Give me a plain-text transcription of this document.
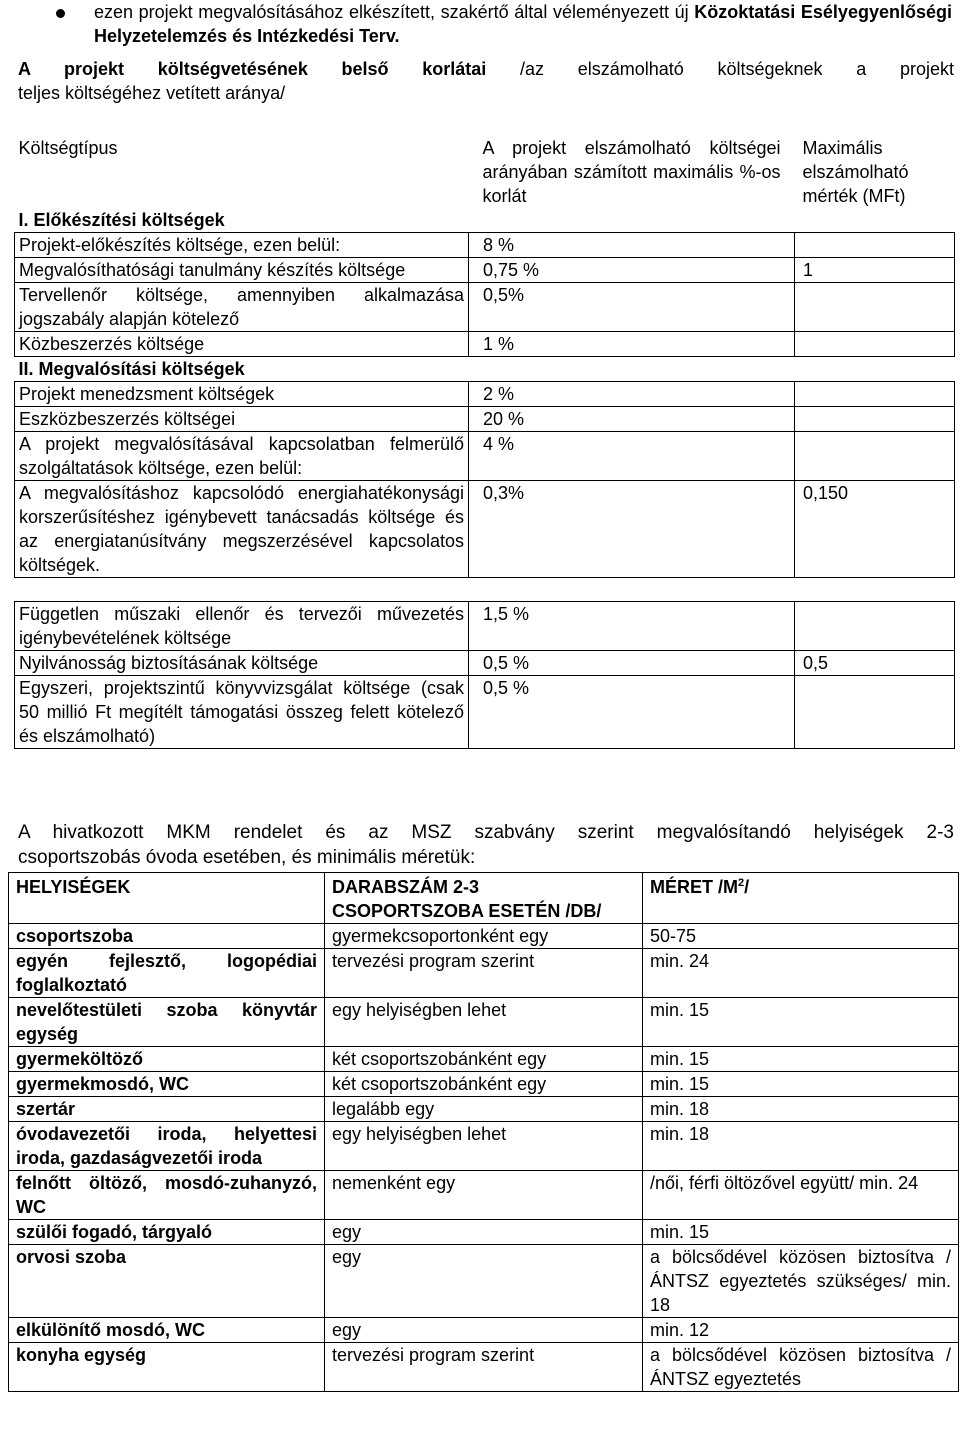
ezen projekt megvalósításához elkészített, szakértő által véleményezett új Közoktatási Esélyegyenlőségi Helyzetelemzés és Intézkedési Terv.
A projekt költségvetésének belső korlátai /az elszámolható költségeknek a projekt
teljes költségéhez vetített aránya/
Költségtípus	A projekt elszámolható költségei arányában számított maximális %-os korlát	Maximális elszámolható mérték (MFt)
I. Előkészítési költségek		
Projekt-előkészítés költsége, ezen belül:	8 %	
Megvalósíthatósági tanulmány készítés költsége	0,75 %	1
Tervellenőr költsége, amennyiben alkalmazása jogszabály alapján kötelező	0,5%	
Közbeszerzés költsége	1 %	
II. Megvalósítási költségek		
Projekt menedzsment költségek	2 %	
Eszközbeszerzés költségei	20 %	
A projekt megvalósításával kapcsolatban felmerülő szolgáltatások költsége, ezen belül:	4 %	
A megvalósításhoz kapcsolódó energiahatékonysági korszerűsítéshez igénybevett tanácsadás költsége és az energiatanúsítvány megszerzésével kapcsolatos költségek.	0,3%	0,150

Független műszaki ellenőr és tervezői művezetés igénybevételének költsége	1,5 %	
Nyilvánosság biztosításának költsége	0,5 %	0,5
Egyszeri, projektszintű könyvvizsgálat költsége (csak 50 millió Ft megítélt támogatási összeg felett kötelező és elszámolható)	0,5 %	
A hivatkozott MKM rendelet és az MSZ szabvány szerint megvalósítandó helyiségek 2-3
csoportszobás óvoda esetében, és minimális méretük:
HELYISÉGEK	DARABSZÁM 2-3 CSOPORTSZOBA ESETÉN /DB/	MÉRET $/M^2/$
csoportszoba	gyermekcsoportonként egy	50-75
egyén fejlesztő, logopédiai foglalkoztató	tervezési program szerint	min. 24
nevelőtestületi szoba könyvtár egység	egy helyiségben lehet	min. 15
gyermeköltöző	két csoportszobánként egy	min. 15
gyermekmosdó, WC	két csoportszobánként egy	min. 15
szertár	legalább egy	min. 18
óvodavezetői iroda, helyettesi iroda, gazdaságvezetői iroda	egy helyiségben lehet	min. 18
felnőtt öltöző, mosdó-zuhanyzó, WC	nemenként egy	/női, férfi öltözővel együtt/ min. 24
szülői fogadó, tárgyaló	egy	min. 15
orvosi szoba	egy	a bölcsődével közösen biztosítva /ÁNTSZ egyeztetés szükséges/ min. 18
elkülönítő mosdó, WC	egy	min. 12
konyha egység	tervezési program szerint	a bölcsődével közösen biztosítva /ÁNTSZ egyeztetés
